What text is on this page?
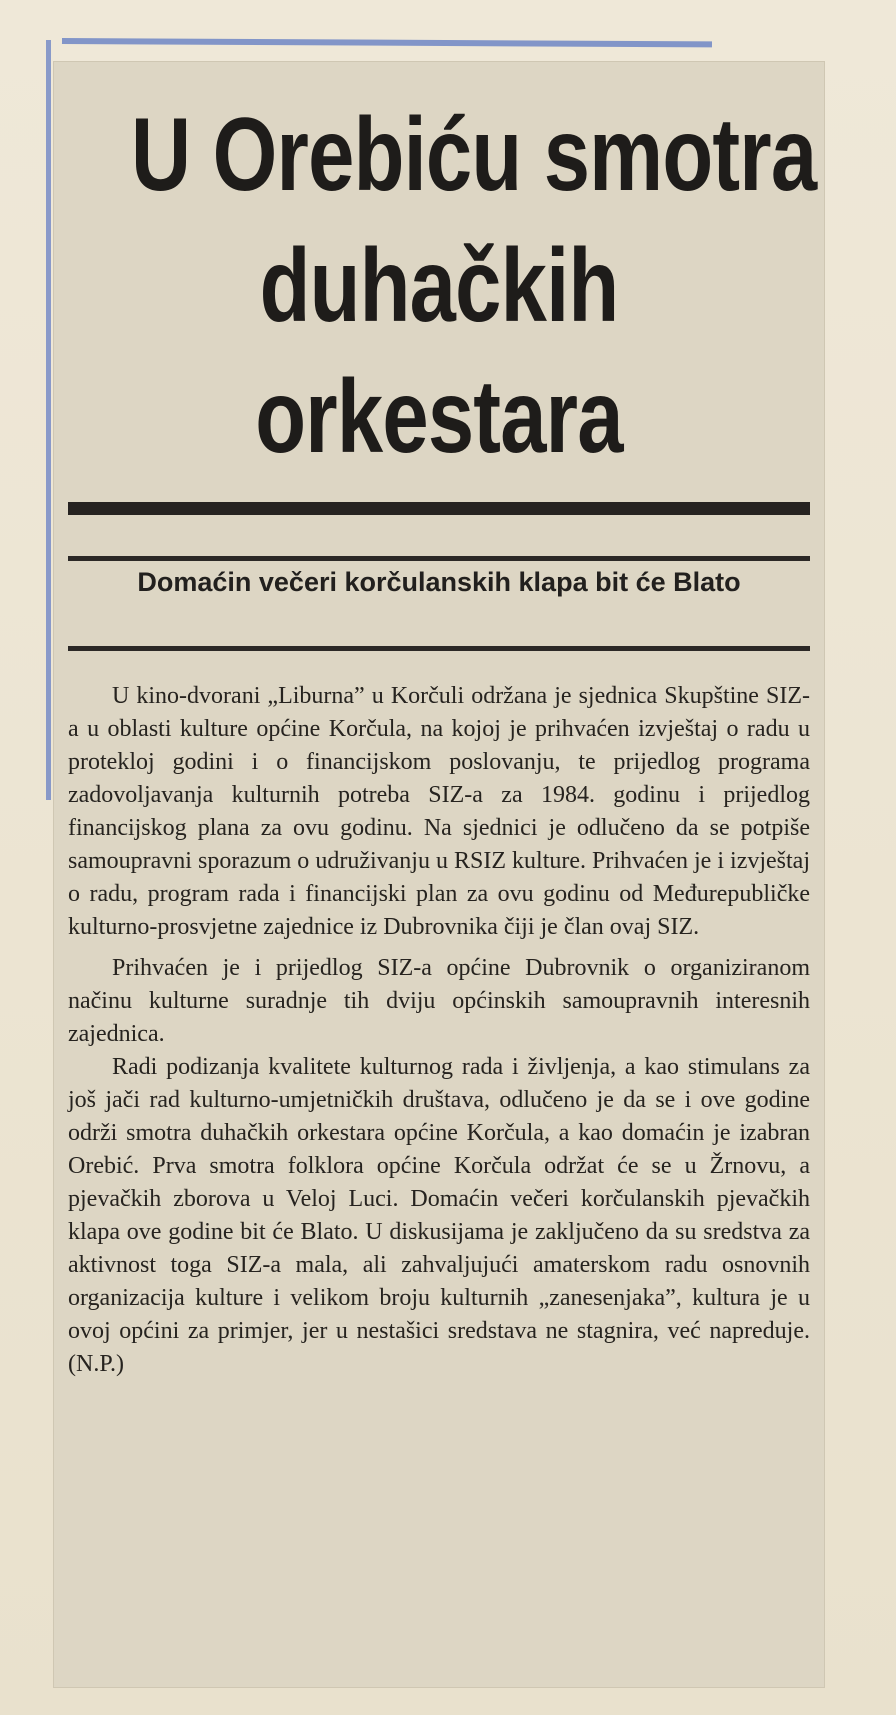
U Orebiću smotra
duhačkih
orkestara
Domaćin večeri korčulanskih klapa bit će Blato

U kino-dvorani „Liburna” u Korčuli održana je sjednica Skupštine SIZ-a u oblasti kulture općine Korčula, na kojoj je prihvaćen izvještaj o radu u protekloj godini i o financijskom poslovanju, te prijedlog programa zadovoljavanja kulturnih potreba SIZ-a za 1984. godinu i prijedlog financijskog plana za ovu godinu. Na sjednici je odlučeno da se potpiše samoupravni sporazum o udruživanju u RSIZ kulture. Prihvaćen je i izvještaj o radu, program rada i financijski plan za ovu godinu od Međurepubličke kulturno-prosvjetne zajednice iz Dubrovnika čiji je član ovaj SIZ.

Prihvaćen je i prijedlog SIZ-a općine Dubrovnik o organiziranom načinu kulturne suradnje tih dviju općinskih samoupravnih interesnih zajednica.

Radi podizanja kvalitete kulturnog rada i življenja, a kao stimulans za još jači rad kulturno-umjetničkih društava, odlučeno je da se i ove godine održi smotra duhačkih orkestara općine Korčula, a kao domaćin je izabran Orebić. Prva smotra folklora općine Korčula održat će se u Žrnovu, a pjevačkih zborova u Veloj Luci. Domaćin večeri korčulanskih pjevačkih klapa ove godine bit će Blato. U diskusijama je zaključeno da su sredstva za aktivnost toga SIZ-a mala, ali zahvaljujući amaterskom radu osnovnih organizacija kulture i velikom broju kulturnih „zanesenjaka”, kultura je u ovoj općini za primjer, jer u nestašici sredstava ne stagnira, već napreduje. (N.P.)
